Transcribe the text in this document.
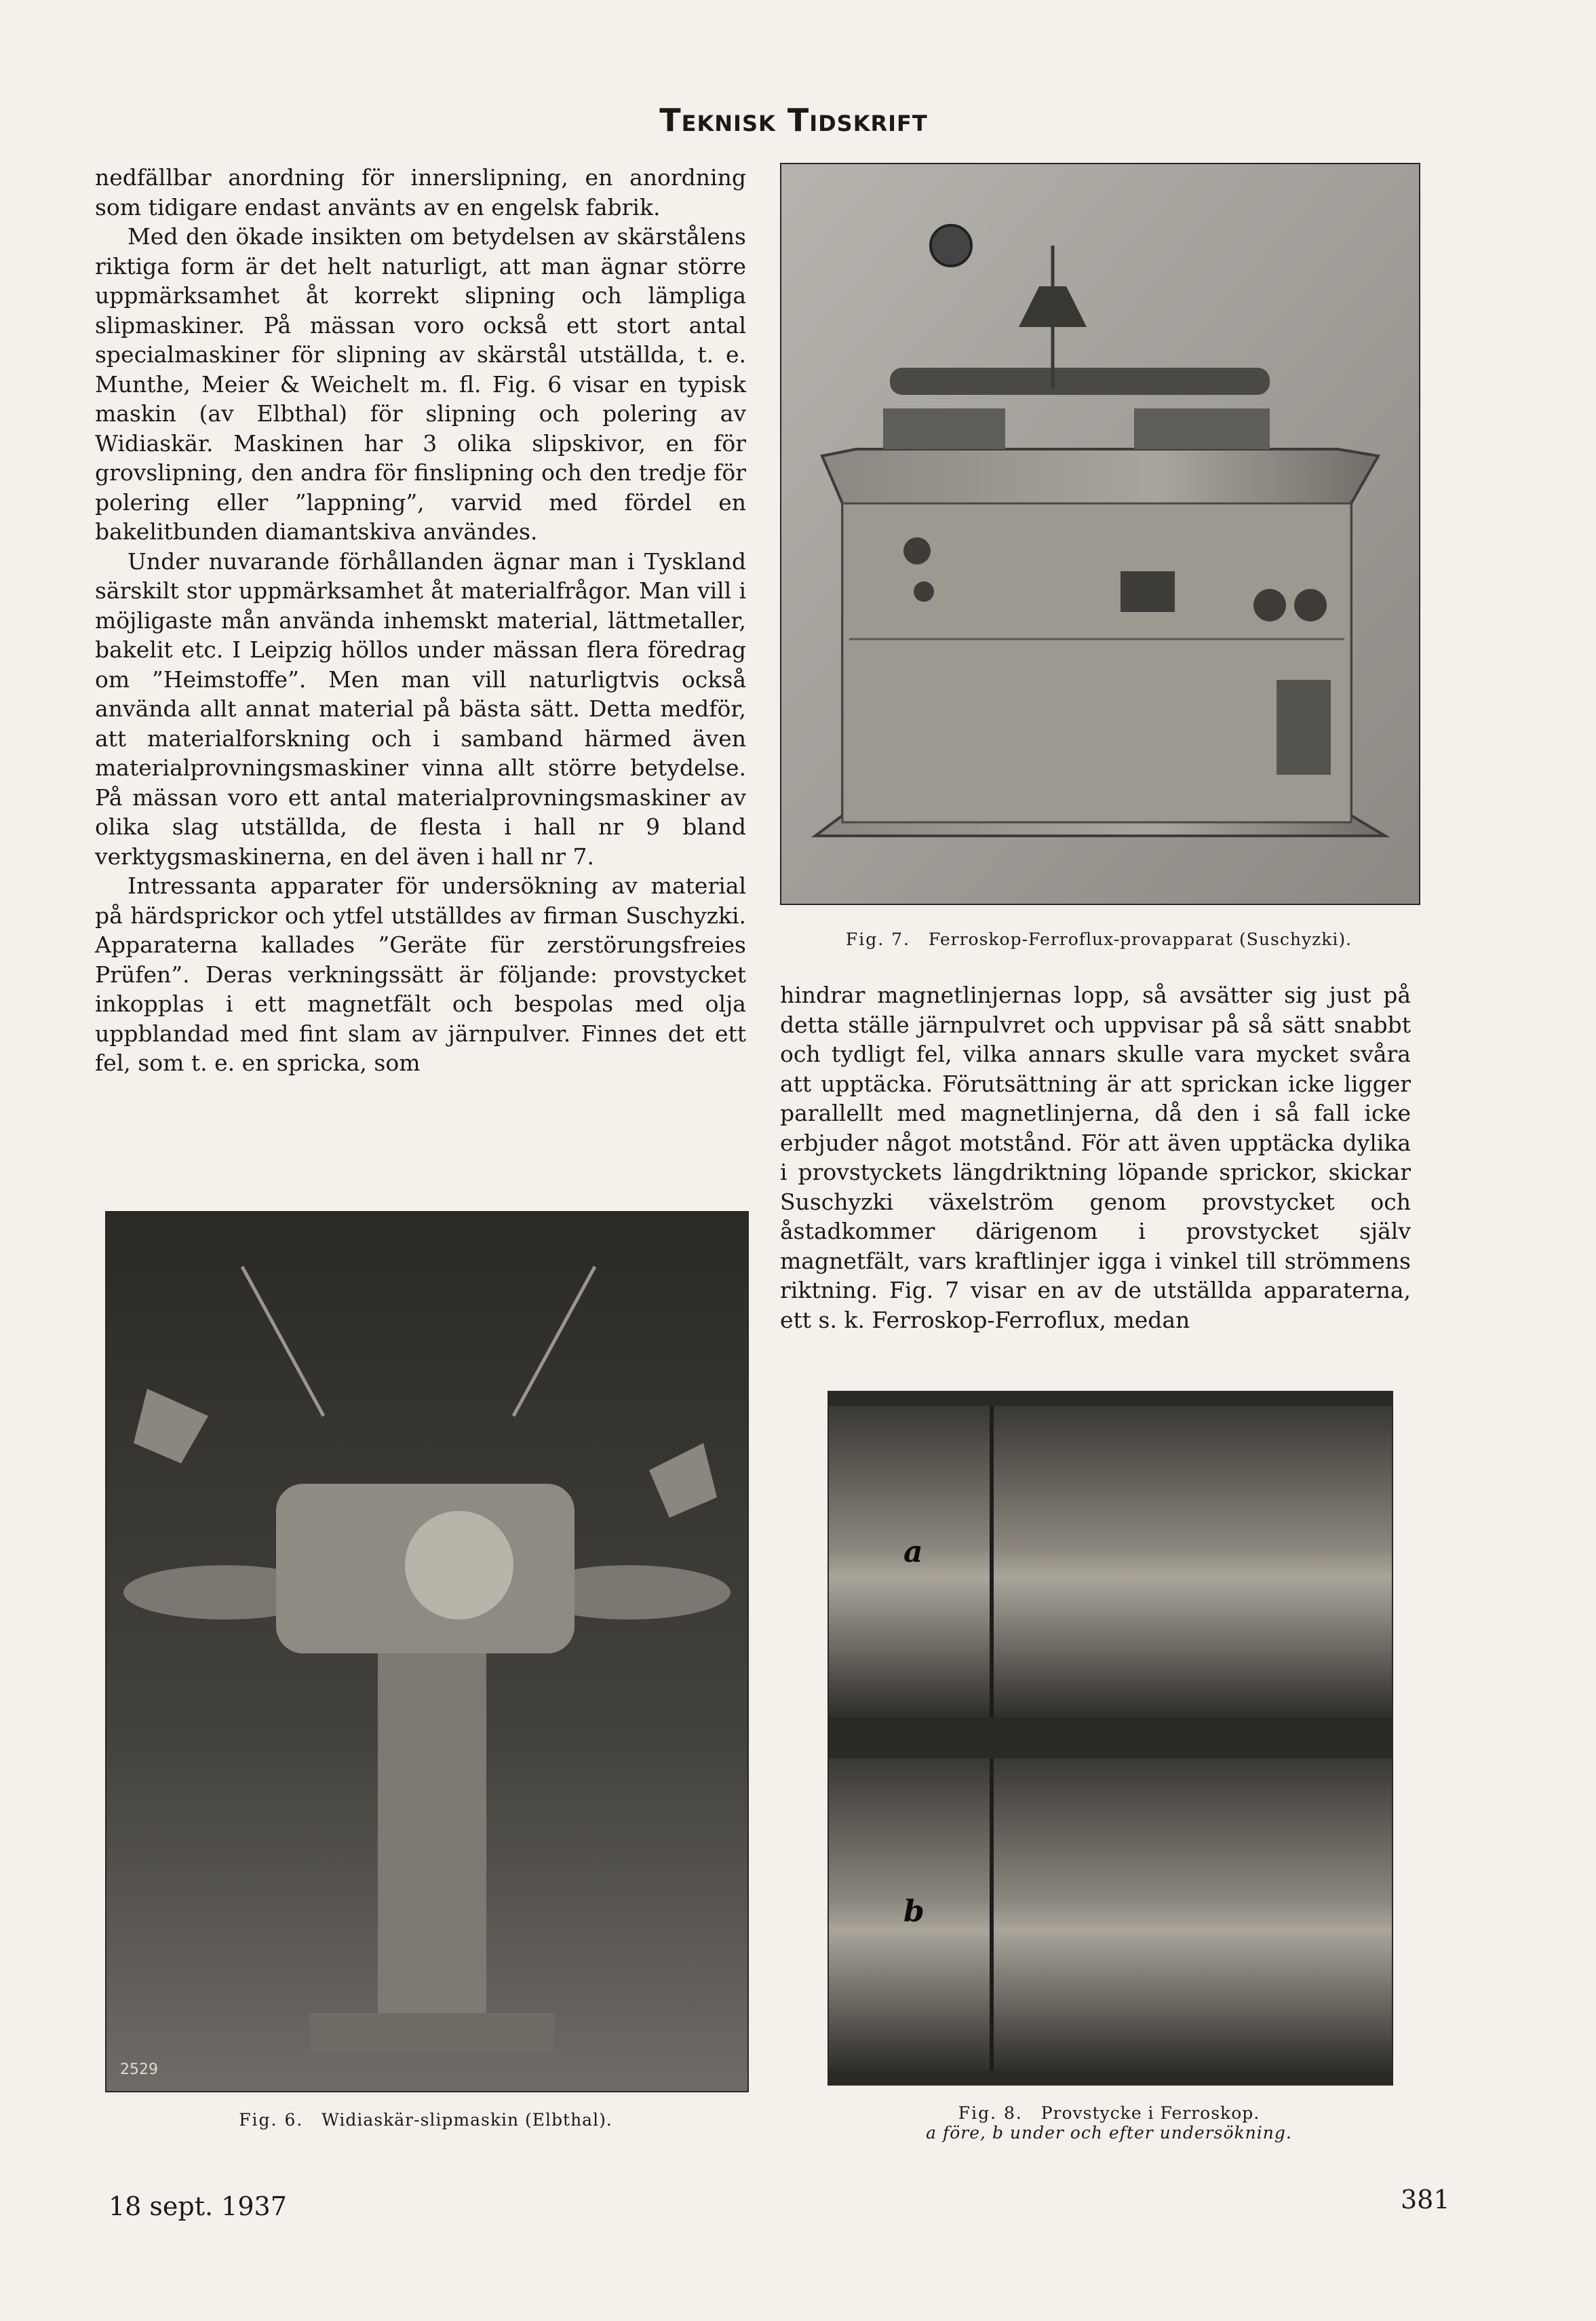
Teknisk Tidskrift

nedfällbar anordning för innerslipning, en anordning som tidigare endast använts av en engelsk fabrik.

Med den ökade insikten om betydelsen av skärstålens riktiga form är det helt naturligt, att man ägnar större uppmärksamhet åt korrekt slipning och lämpliga slipmaskiner. På mässan voro också ett stort antal specialmaskiner för slipning av skärstål utställda, t. e. Munthe, Meier & Weichelt m. fl. Fig. 6 visar en typisk maskin (av Elbthal) för slipning och polering av Widiaskär. Maskinen har 3 olika slipskivor, en för grovslipning, den andra för finslipning och den tredje för polering eller ”lappning”, varvid med fördel en bakelitbunden diamantskiva användes.

Under nuvarande förhållanden ägnar man i Tyskland särskilt stor uppmärksamhet åt materialfrågor. Man vill i möjligaste mån använda inhemskt material, lättmetaller, bakelit etc. I Leipzig höllos under mässan flera föredrag om ”Heimstoffe”. Men man vill naturligtvis också använda allt annat material på bästa sätt. Detta medför, att materialforskning och i samband härmed även materialprovningsmaskiner vinna allt större betydelse. På mässan voro ett antal materialprovningsmaskiner av olika slag utställda, de flesta i hall nr 9 bland verktygsmaskinerna, en del även i hall nr 7.

Intressanta apparater för undersökning av material på härdsprickor och ytfel utställdes av firman Suschyzki. Apparaterna kallades ”Geräte für zerstörungsfreies Prüfen”. Deras verkningssätt är följande: provstycket inkopplas i ett magnetfält och bespolas med olja uppblandad med fint slam av järnpulver. Finnes det ett fel, som t. e. en spricka, som

Fig. 7. Ferroskop-Ferroflux-provapparat (Suschyzki).

hindrar magnetlinjernas lopp, så avsätter sig just på detta ställe järnpulvret och uppvisar på så sätt snabbt och tydligt fel, vilka annars skulle vara mycket svåra att upptäcka. Förutsättning är att sprickan icke ligger parallellt med magnetlinjerna, då den i så fall icke erbjuder något motstånd. För att även upptäcka dylika i provstyckets längdriktning löpande sprickor, skickar Suschyzki växelström genom provstycket och åstadkommer därigenom i provstycket själv magnetfält, vars kraftlinjer igga i vinkel till strömmens riktning. Fig. 7 visar en av de utställda apparaterna, ett s. k. Ferroskop-Ferroflux, medan

2529
Fig. 6. Widiaskär-slipmaskin (Elbthal).
a
b
Fig. 8. Provstycke i Ferroskop.
a före, b under och efter undersökning.
18 sept. 1937	381
